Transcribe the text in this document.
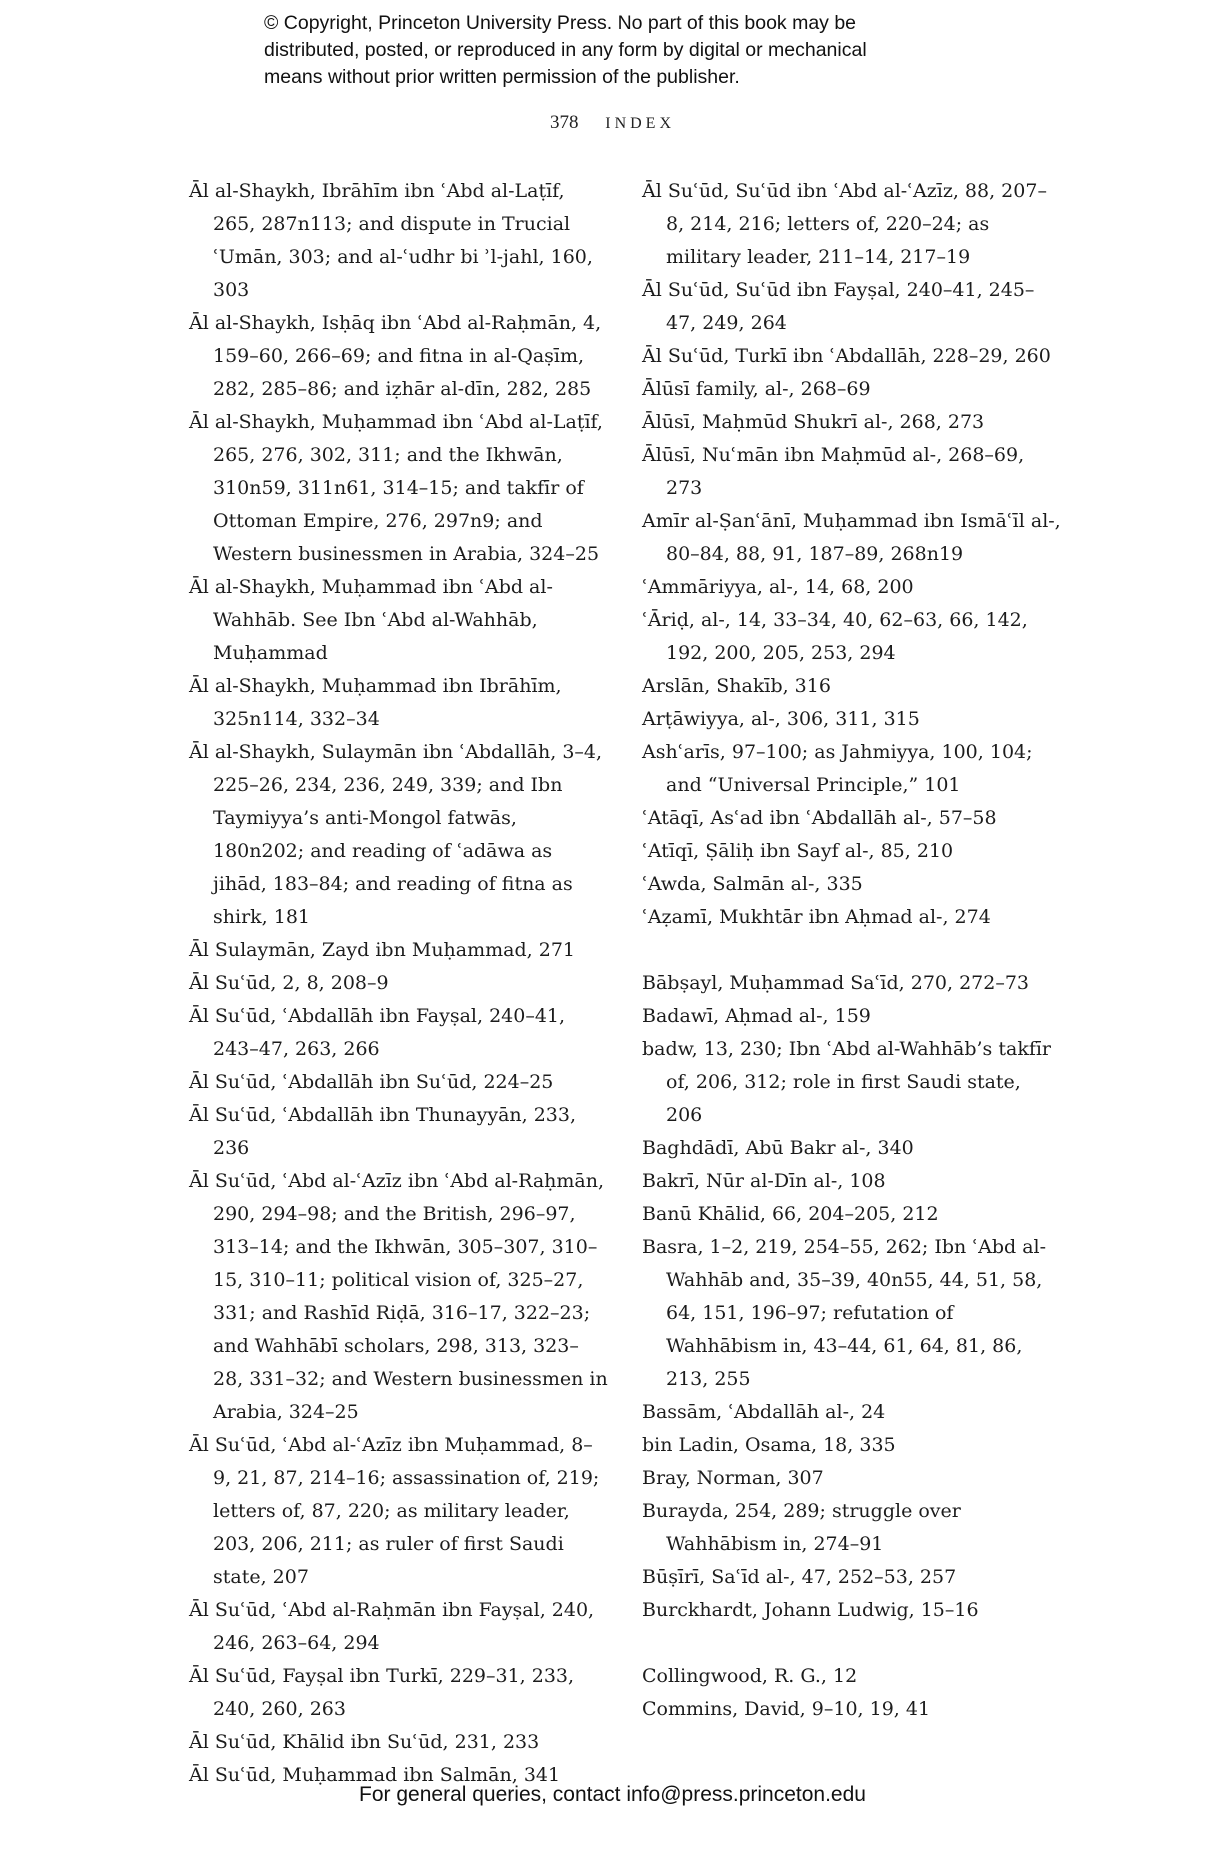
© Copyright, Princeton University Press. No part of this book may be
distributed, posted, or reproduced in any form by digital or mechanical
means without prior written permission of the publisher.
378 INDEX

Āl al-Shaykh, Ibrāhīm ibn ʿAbd al-Laṭīf, 265, 287n113; and dispute in Trucial ʿUmān, 303; and al-ʿudhr bi ʾl-jahl, 160, 303

Āl al-Shaykh, Isḥāq ibn ʿAbd al-Raḥmān, 4, 159–60, 266–69; and fitna in al-Qaṣīm, 282, 285–86; and iẓhār al-dīn, 282, 285

Āl al-Shaykh, Muḥammad ibn ʿAbd al-Laṭīf, 265, 276, 302, 311; and the Ikhwān, 310n59, 311n61, 314–15; and takfīr of Ottoman Empire, 276, 297n9; and Western businessmen in Arabia, 324–25

Āl al-Shaykh, Muḥammad ibn ʿAbd al-Wahhāb. See Ibn ʿAbd al-Wahhāb, Muḥammad

Āl al-Shaykh, Muḥammad ibn Ibrāhīm, 325n114, 332–34

Āl al-Shaykh, Sulaymān ibn ʿAbdallāh, 3–4, 225–26, 234, 236, 249, 339; and Ibn Taymiyya’s anti-Mongol fatwās, 180n202; and reading of ʿadāwa as jihād, 183–84; and reading of fitna as shirk, 181

Āl Sulaymān, Zayd ibn Muḥammad, 271

Āl Suʿūd, 2, 8, 208–9

Āl Suʿūd, ʿAbdallāh ibn Fayṣal, 240–41, 243–47, 263, 266

Āl Suʿūd, ʿAbdallāh ibn Suʿūd, 224–25

Āl Suʿūd, ʿAbdallāh ibn Thunayyān, 233, 236

Āl Suʿūd, ʿAbd al-ʿAzīz ibn ʿAbd al-Raḥmān, 290, 294–98; and the British, 296–97, 313–14; and the Ikhwān, 305–307, 310–15, 310–11; political vision of, 325–27, 331; and Rashīd Riḍā, 316–17, 322–23; and Wahhābī scholars, 298, 313, 323–28, 331–32; and Western businessmen in Arabia, 324–25

Āl Suʿūd, ʿAbd al-ʿAzīz ibn Muḥammad, 8–9, 21, 87, 214–16; assassination of, 219; letters of, 87, 220; as military leader, 203, 206, 211; as ruler of first Saudi state, 207

Āl Suʿūd, ʿAbd al-Raḥmān ibn Fayṣal, 240, 246, 263–64, 294

Āl Suʿūd, Fayṣal ibn Turkī, 229–31, 233, 240, 260, 263

Āl Suʿūd, Khālid ibn Suʿūd, 231, 233

Āl Suʿūd, Muḥammad ibn Salmān, 341

Āl Suʿūd, Suʿūd ibn ʿAbd al-ʿAzīz, 88, 207–8, 214, 216; letters of, 220–24; as military leader, 211–14, 217–19

Āl Suʿūd, Suʿūd ibn Fayṣal, 240–41, 245–47, 249, 264

Āl Suʿūd, Turkī ibn ʿAbdallāh, 228–29, 260

Ālūsī family, al-, 268–69

Ālūsī, Maḥmūd Shukrī al-, 268, 273

Ālūsī, Nuʿmān ibn Maḥmūd al-, 268–69, 273

Amīr al-Ṣanʿānī, Muḥammad ibn Ismāʿīl al-, 80–84, 88, 91, 187–89, 268n19

ʿAmmāriyya, al-, 14, 68, 200

ʿĀriḍ, al-, 14, 33–34, 40, 62–63, 66, 142, 192, 200, 205, 253, 294

Arslān, Shakīb, 316

Arṭāwiyya, al-, 306, 311, 315

Ashʿarīs, 97–100; as Jahmiyya, 100, 104; and “Universal Principle,” 101

ʿAtāqī, Asʿad ibn ʿAbdallāh al-, 57–58

ʿAtīqī, Ṣāliḥ ibn Sayf al-, 85, 210

ʿAwda, Salmān al-, 335

ʿAẓamī, Mukhtār ibn Aḥmad al-, 274

Bābṣayl, Muḥammad Saʿīd, 270, 272–73

Badawī, Aḥmad al-, 159

badw, 13, 230; Ibn ʿAbd al-Wahhāb’s takfīr of, 206, 312; role in first Saudi state, 206

Baghdādī, Abū Bakr al-, 340

Bakrī, Nūr al-Dīn al-, 108

Banū Khālid, 66, 204–205, 212

Basra, 1–2, 219, 254–55, 262; Ibn ʿAbd al-Wahhāb and, 35–39, 40n55, 44, 51, 58, 64, 151, 196–97; refutation of Wahhābism in, 43–44, 61, 64, 81, 86, 213, 255

Bassām, ʿAbdallāh al-, 24

bin Ladin, Osama, 18, 335

Bray, Norman, 307

Burayda, 254, 289; struggle over Wahhābism in, 274–91

Būṣīrī, Saʿīd al-, 47, 252–53, 257

Burckhardt, Johann Ludwig, 15–16

Collingwood, R. G., 12

Commins, David, 9–10, 19, 41

For general queries, contact info@press.princeton.edu
